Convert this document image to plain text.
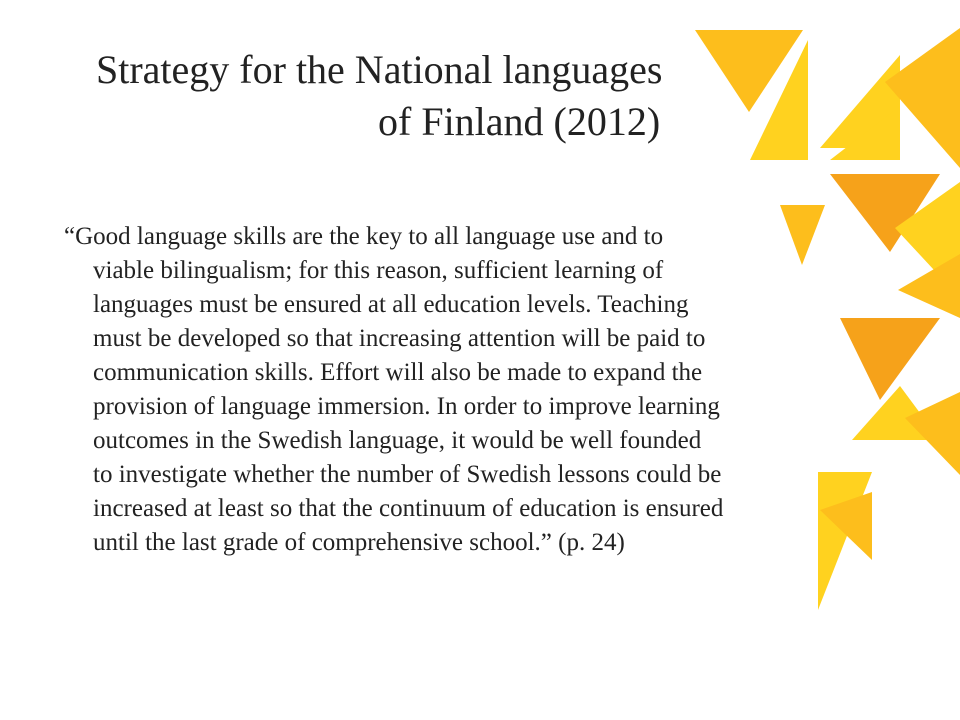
Strategy for the National languages
of Finland (2012)

“Good language skills are the key to all language use and to
viable bilingualism; for this reason, sufficient learning of
languages must be ensured at all education levels. Teaching
must be developed so that increasing attention will be paid to
communication skills. Effort will also be made to expand the
provision of language immersion. In order to improve learning
outcomes in the Swedish language, it would be well founded
to investigate whether the number of Swedish lessons could be
increased at least so that the continuum of education is ensured
until the last grade of comprehensive school.” (p. 24)
